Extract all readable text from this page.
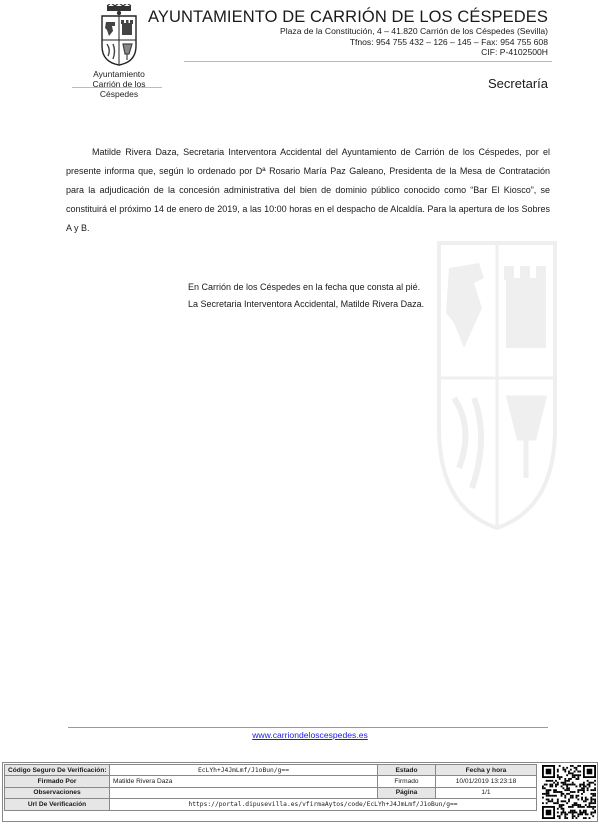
Ayuntamiento
Carrión de los Céspedes
AYUNTAMIENTO DE CARRIÓN DE LOS CÉSPEDES
Plaza de la Constitución, 4 – 41.820 Carrión de los Céspedes (Sevilla)
Tfnos: 954 755 432 – 126 – 145 – Fax: 954 755 608
CIF: P-4102500H
Secretaría
Matilde Rivera Daza, Secretaria Interventora Accidental del Ayuntamiento de Carrión de los Céspedes, por el presente informa que, según lo ordenado por Dª Rosario María Paz Galeano, Presidenta de la Mesa de Contratación para la adjudicación de la concesión administrativa del bien de dominio público conocido como “Bar El Kiosco”, se constituirá el próximo 14 de enero de 2019, a las 10:00 horas en el despacho de Alcaldía. Para la apertura de los Sobres A y B.
En Carrión de los Céspedes en la fecha que consta al pié.
La Secretaria Interventora Accidental, Matilde Rivera Daza.
www.carriondeloscespedes.es
Código Seguro De Verificación:	EcLYh+J4JmLmf/J1oBun/g==	Estado	Fecha y hora
Firmado Por	Matilde Rivera Daza	Firmado	10/01/2019 13:23:18
Observaciones		Página	1/1
Url De Verificación	https://portal.dipusevilla.es/vfirmaAytos/code/EcLYh+J4JmLmf/J1oBun/g==		
